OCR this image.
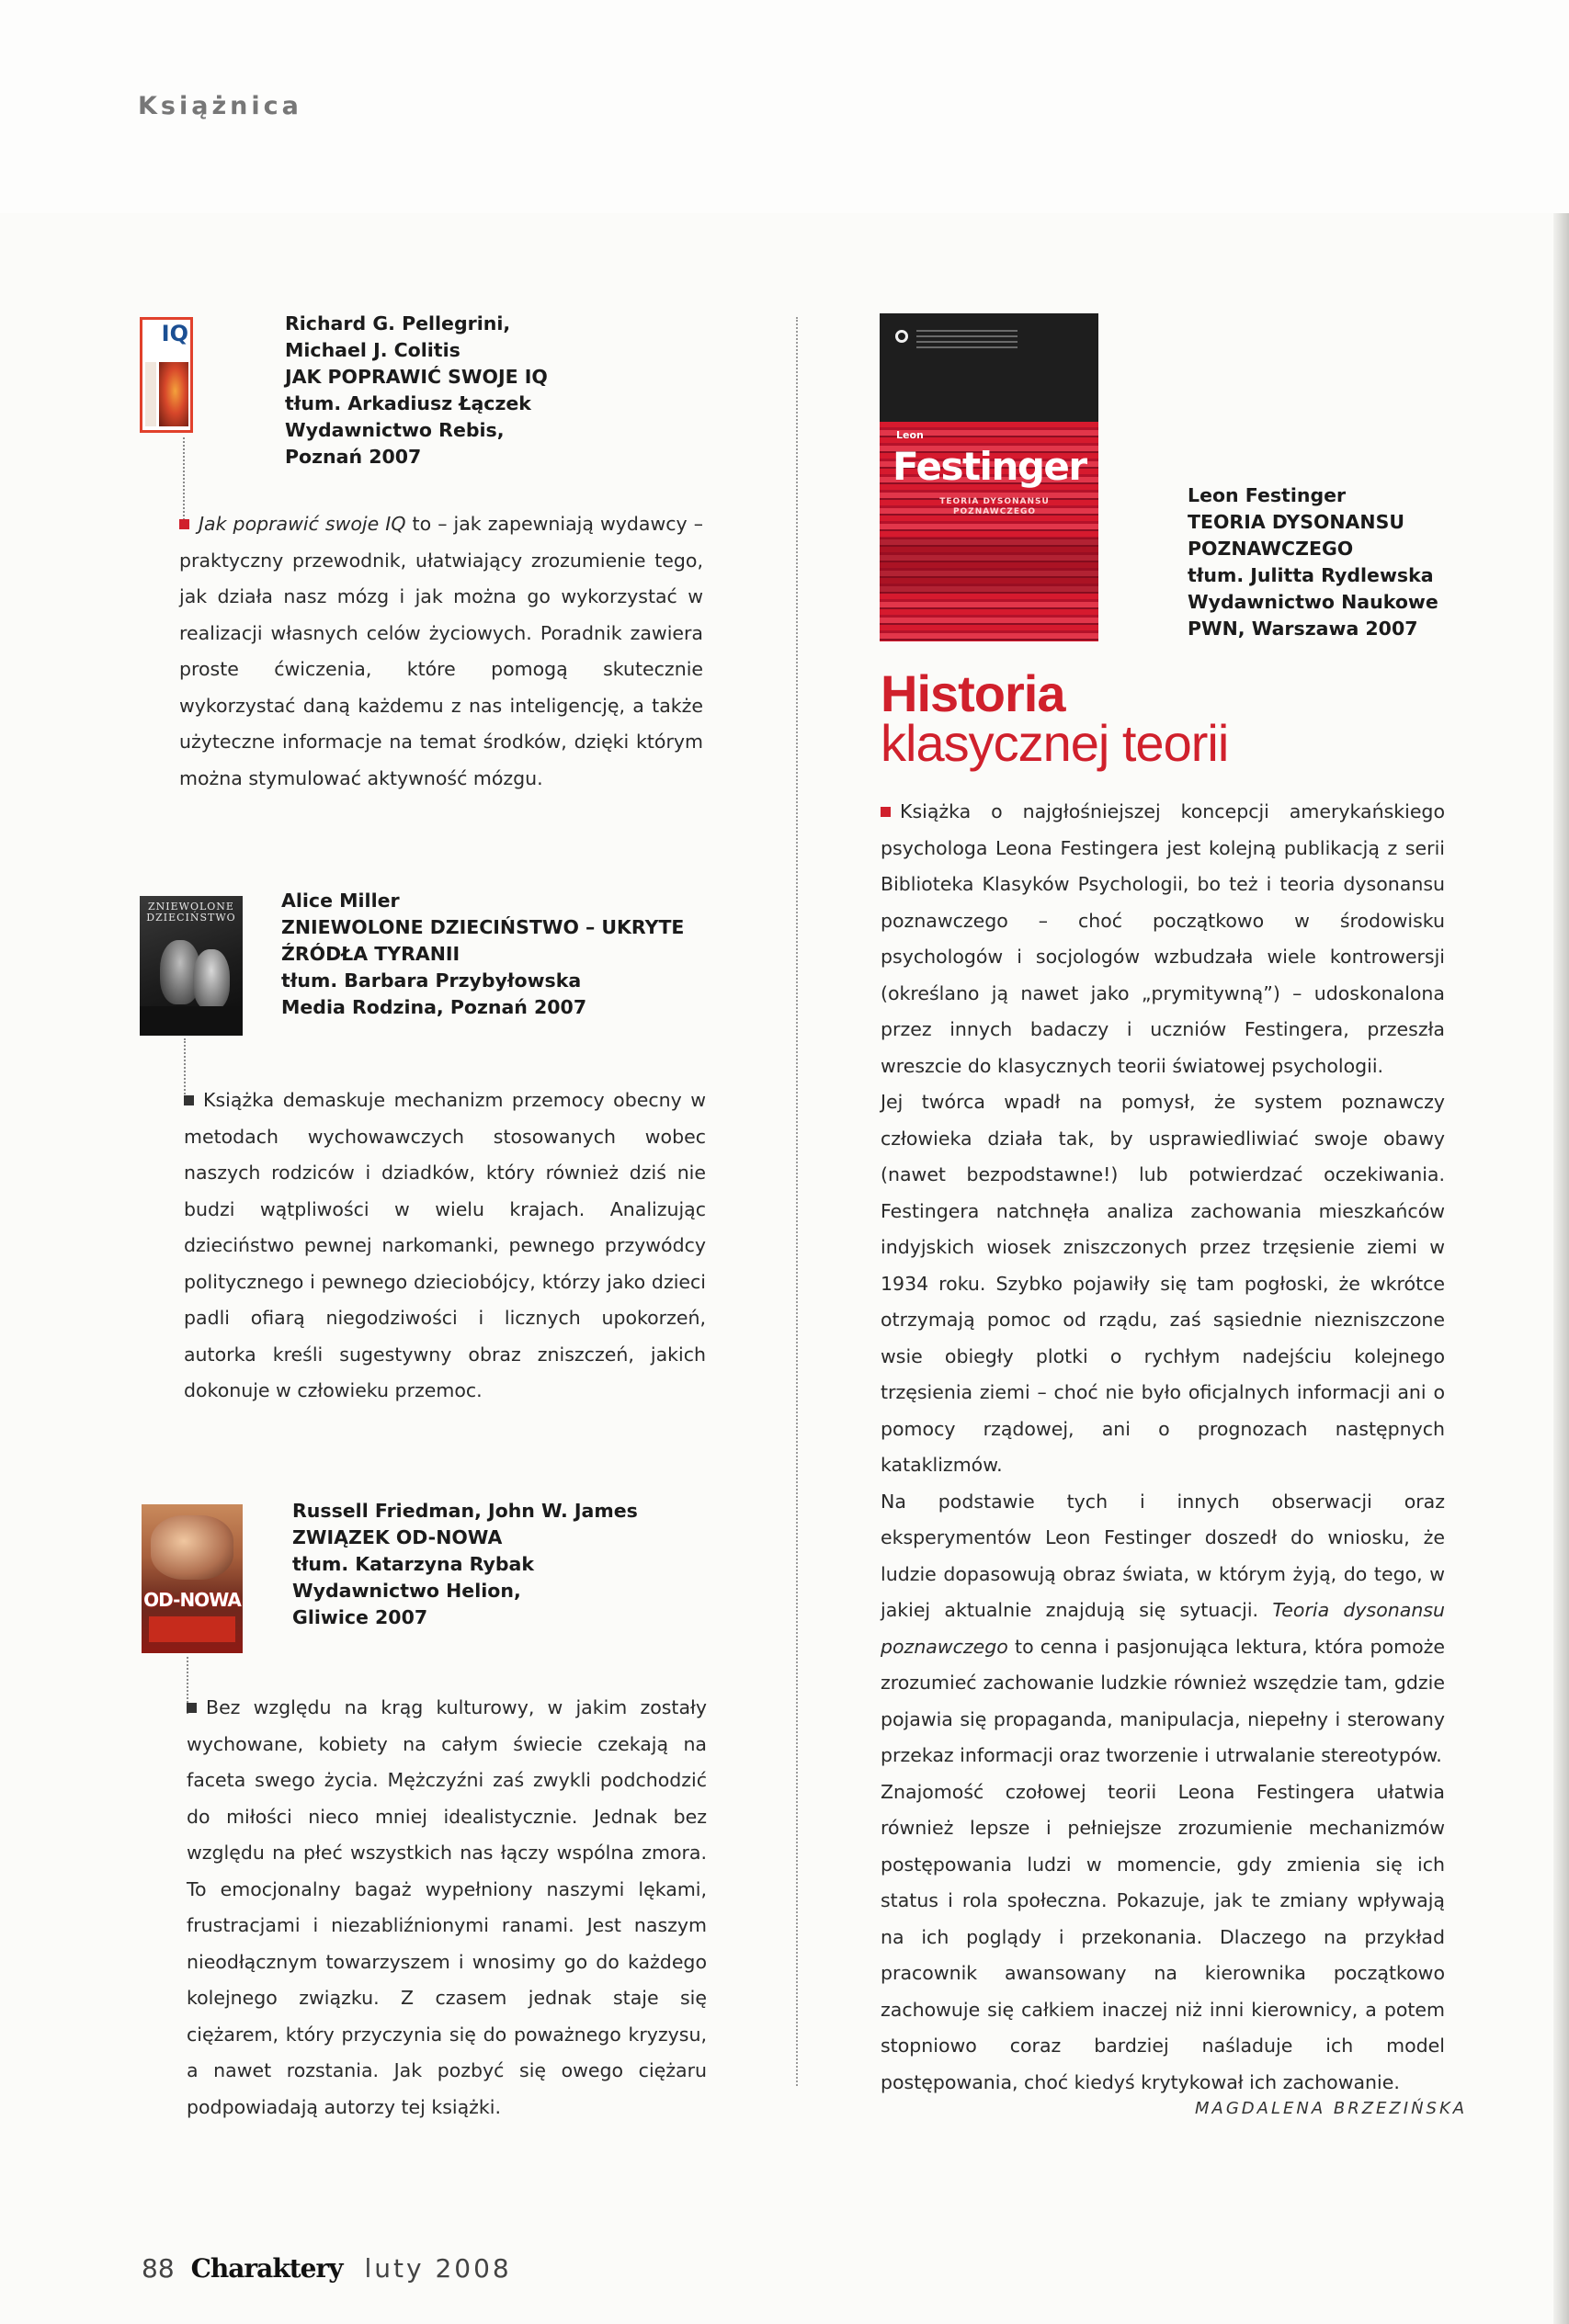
Książnica
IQ	Richard G. Pellegrini,
Michael J. Colitis
JAK POPRAWIĆ SWOJE IQ
tłum. Arkadiusz Łączek
Wydawnictwo Rebis,
Poznań 2007

Jak poprawić swoje IQ to – jak zapewniają wydawcy – praktyczny przewodnik, ułatwiający zrozumienie tego, jak działa nasz mózg i jak można go wykorzystać w realizacji własnych celów życiowych. Poradnik zawiera proste ćwiczenia, które pomogą skutecznie wykorzystać daną każdemu z nas inteligencję, a także użyteczne informacje na temat środków, dzięki którym można stymulować aktywność mózgu.

ZNIEWOLONE DZIECIŃSTWO
Alice Miller
ZNIEWOLONE DZIECIŃSTWO – UKRYTE
ŹRÓDŁA TYRANII
tłum. Barbara Przybyłowska
Media Rodzina, Poznań 2007

Książka demaskuje mechanizm przemocy obecny w metodach wychowawczych stosowanych wobec naszych rodziców i dziadków, który również dziś nie budzi wątpliwości w wielu krajach. Analizując dzieciństwo pewnej narkomanki, pewnego przywódcy politycznego i pewnego dzieciobójcy, którzy jako dzieci padli ofiarą niegodziwości i licznych upokorzeń, autorka kreśli sugestywny obraz zniszczeń, jakich dokonuje w człowieku przemoc.

OD-NOWA
Russell Friedman, John W. James
ZWIĄZEK OD-NOWA
tłum. Katarzyna Rybak
Wydawnictwo Helion,
Gliwice 2007

Bez względu na krąg kulturowy, w jakim zostały wychowane, kobiety na całym świecie czekają na faceta swego życia. Mężczyźni zaś zwykli podchodzić do miłości nieco mniej idealistycznie. Jednak bez względu na płeć wszystkich nas łączy wspólna zmora. To emocjonalny bagaż wypełniony naszymi lękami, frustracjami i niezabliźnionymi ranami. Jest naszym nieodłącznym towarzyszem i wnosimy go do każdego kolejnego związku. Z czasem jednak staje się ciężarem, który przyczynia się do poważnego kryzysu, a nawet rozstania. Jak pozbyć się owego ciężaru podpowiadają autorzy tej książki.

Leon
Festinger
TEORIA DYSONANSU POZNAWCZEGO
Leon Festinger
TEORIA DYSONANSU
POZNAWCZEGO
tłum. Julitta Rydlewska
Wydawnictwo Naukowe
PWN, Warszawa 2007
Historia
klasycznej teorii

Książka o najgłośniejszej koncepcji amerykańskiego psychologa Leona Festingera jest kolejną publikacją z serii Biblioteka Klasyków Psychologii, bo też i teoria dysonansu poznawczego – choć początkowo w środowisku psychologów i socjologów wzbudzała wiele kontrowersji (określano ją nawet jako „prymitywną”) – udoskonalona przez innych badaczy i uczniów Festingera, przeszła wreszcie do klasycznych teorii światowej psychologii.

Jej twórca wpadł na pomysł, że system poznawczy człowieka działa tak, by usprawiedliwiać swoje obawy (nawet bezpodstawne!) lub potwierdzać oczekiwania. Festingera natchnęła analiza zachowania mieszkańców indyjskich wiosek zniszczonych przez trzęsienie ziemi w 1934 roku. Szybko pojawiły się tam pogłoski, że wkrótce otrzymają pomoc od rządu, zaś sąsiednie niezniszczone wsie obiegły plotki o rychłym nadejściu kolejnego trzęsienia ziemi – choć nie było oficjalnych informacji ani o pomocy rządowej, ani o prognozach następnych kataklizmów.

Na podstawie tych i innych obserwacji oraz eksperymentów Leon Festinger doszedł do wniosku, że ludzie dopasowują obraz świata, w którym żyją, do tego, w jakiej aktualnie znajdują się sytuacji. Teoria dysonansu poznawczego to cenna i pasjonująca lektura, która pomoże zrozumieć zachowanie ludzkie również wszędzie tam, gdzie pojawia się propaganda, manipulacja, niepełny i sterowany przekaz informacji oraz tworzenie i utrwalanie stereotypów.

Znajomość czołowej teorii Leona Festingera ułatwia również lepsze i pełniejsze zrozumienie mechanizmów postępowania ludzi w momencie, gdy zmienia się ich status i rola społeczna. Pokazuje, jak te zmiany wpływają na ich poglądy i przekonania. Dlaczego na przykład pracownik awansowany na kierownika początkowo zachowuje się całkiem inaczej niż inni kierownicy, a potem stopniowo coraz bardziej naśladuje ich model postępowania, choć kiedyś krytykował ich zachowanie.

MAGDALENA BRZEZIŃSKA
88 Charaktery luty 2008
